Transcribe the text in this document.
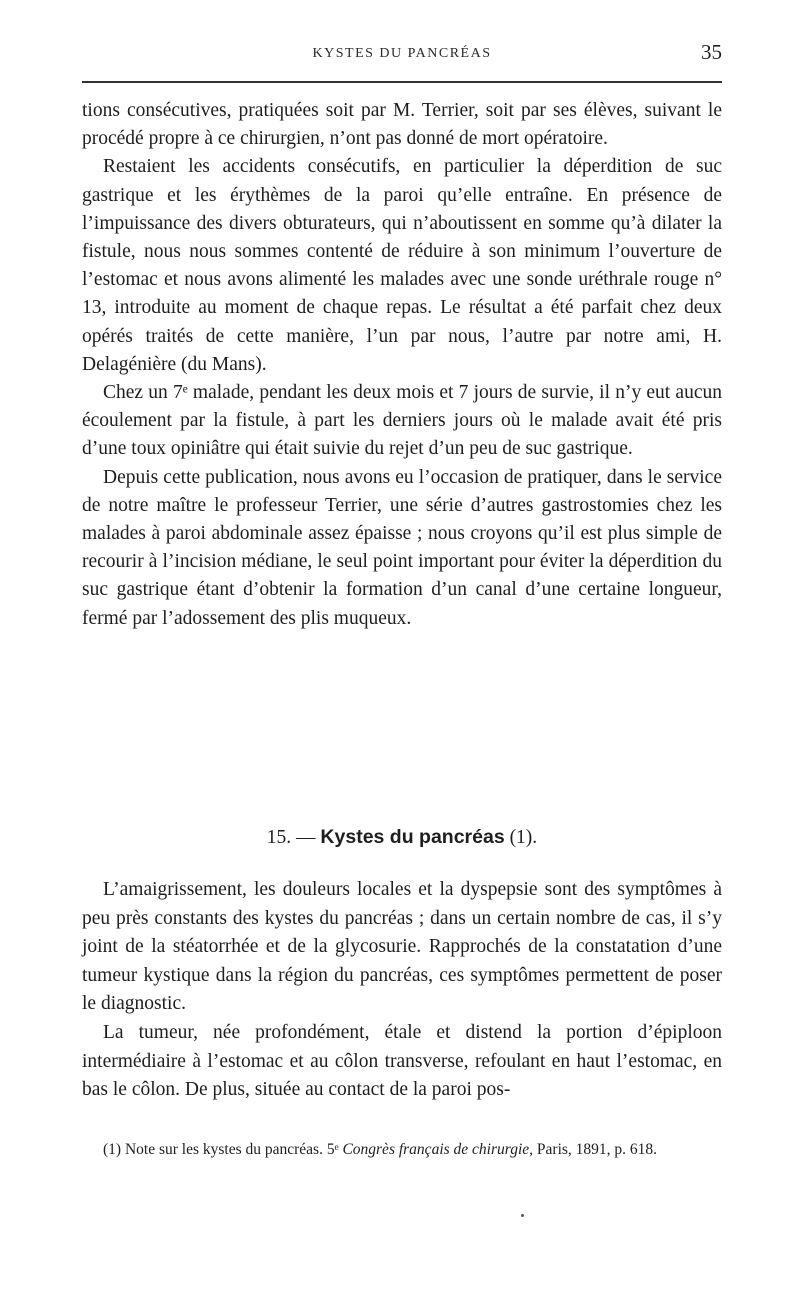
KYSTES DU PANCRÉAS	35

tions consécutives, pratiquées soit par M. Terrier, soit par ses élèves, suivant le procédé propre à ce chirurgien, n’ont pas donné de mort opératoire.

Restaient les accidents consécutifs, en particulier la déperdition de suc gastrique et les érythèmes de la paroi qu’elle entraîne. En présence de l’impuissance des divers obturateurs, qui n’aboutissent en somme qu’à dilater la fistule, nous nous sommes contenté de réduire à son minimum l’ouverture de l’estomac et nous avons alimenté les malades avec une sonde uréthrale rouge n° 13, introduite au moment de chaque repas. Le résultat a été parfait chez deux opérés traités de cette manière, l’un par nous, l’autre par notre ami, H. Delagénière (du Mans).

Chez un 7ᵉ malade, pendant les deux mois et 7 jours de survie, il n’y eut aucun écoulement par la fistule, à part les derniers jours où le malade avait été pris d’une toux opiniâtre qui était suivie du rejet d’un peu de suc gastrique.

Depuis cette publication, nous avons eu l’occasion de pratiquer, dans le service de notre maître le professeur Terrier, une série d’autres gastrostomies chez les malades à paroi abdominale assez épaisse ; nous croyons qu’il est plus simple de recourir à l’incision médiane, le seul point important pour éviter la déperdition du suc gastrique étant d’obtenir la formation d’un canal d’une certaine longueur, fermé par l’adossement des plis muqueux.

15. — Kystes du pancréas (1).

L’amaigrissement, les douleurs locales et la dyspepsie sont des symptômes à peu près constants des kystes du pancréas ; dans un certain nombre de cas, il s’y joint de la stéatorrhée et de la glycosurie. Rapprochés de la constatation d’une tumeur kystique dans la région du pancréas, ces symptômes permettent de poser le diagnostic.

La tumeur, née profondément, étale et distend la portion d’épiploon intermédiaire à l’estomac et au côlon transverse, refoulant en haut l’estomac, en bas le côlon. De plus, située au contact de la paroi pos-

(1) Note sur les kystes du pancréas. 5ᵉ Congrès français de chirurgie, Paris, 1891, p. 618.
